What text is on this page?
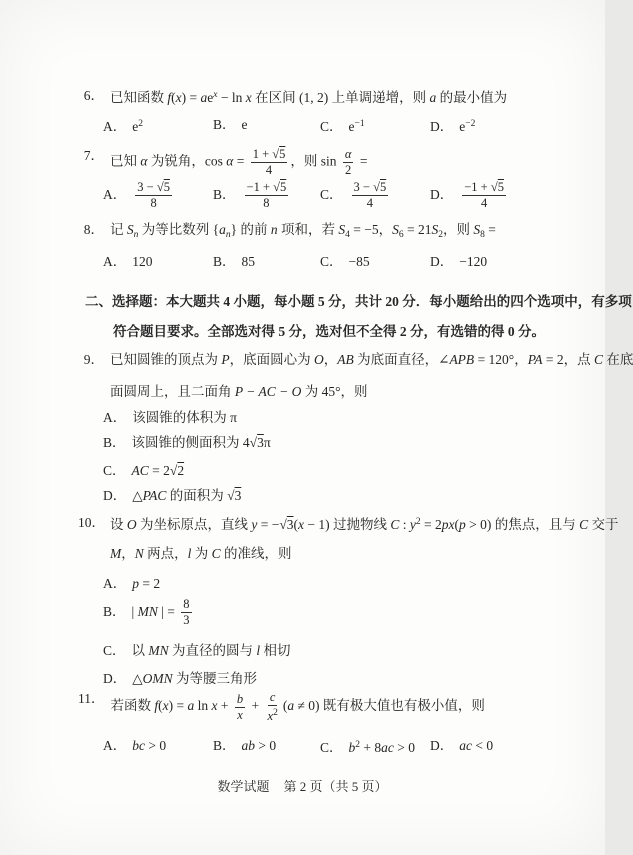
6． 已知函数 $f(x) = ae^x - \ln x$ 在区间 (1, 2) 上单调递增，则 a 的最小值为
A． $e^2$	B． e	C． $e^{-1}$	D． $e^{-2}$
7． 已知 α 为锐角，$\cos \alpha = \frac{1 + √5}{4}$ ，则 $\sin \frac{\alpha}{2}$ =
A． $\frac{3 - √5}{8}$	B． $\frac{-1 + √5}{8}$ C． $\frac{3 - √5}{4}$	D． $\frac{-1 + √5}{4}$
8． 记 $S_n$ 为等比数列 $\{a_n\}$ 的前 n 项和，若 $S_4 = -5$，$S_6 = 21S_2$，则 $S_8$ =
A． 120	B． 85	C． −85	D． −120
二、选择题：本大题共 4 小题，每小题 5 分，共计 20 分．每小题给出的四个选项中，有多项
符合题目要求。全部选对得 5 分，选对但不全得 2 分，有选错的得 0 分。
9． 已知圆锥的顶点为 P，底面圆心为 O，AB 为底面直径，∠APB = 120°，PA = 2，点 C 在底
面圆周上，且二面角 P − AC − O 为 45°，则
A． 该圆锥的体积为 π
B． 该圆锥的侧面积为 4√3π
C． AC = 2√2
D． △PAC 的面积为 √3
10． 设 O 为坐标原点，直线 y = −√3(x − 1) 过抛物线 C : $y^2 = 2px(p > 0)$ 的焦点，且与 C 交于
M，N 两点，l 为 C 的准线，则
A． p = 2
B． | MN | = $\frac{8}{3}$
C． 以 MN 为直径的圆与 l 相切
D． △OMN 为等腰三角形
11． 若函数 f(x) = a $\ln x + \frac{b}{x} + \frac{c}{x^2} (a \ne 0)$ 既有极大值也有极小值，则
A． bc > 0	B． ab > 0	C． $b^2 + 8ac > 0$	D． ac < 0
数学试题 第 2 页（共 5 页）
